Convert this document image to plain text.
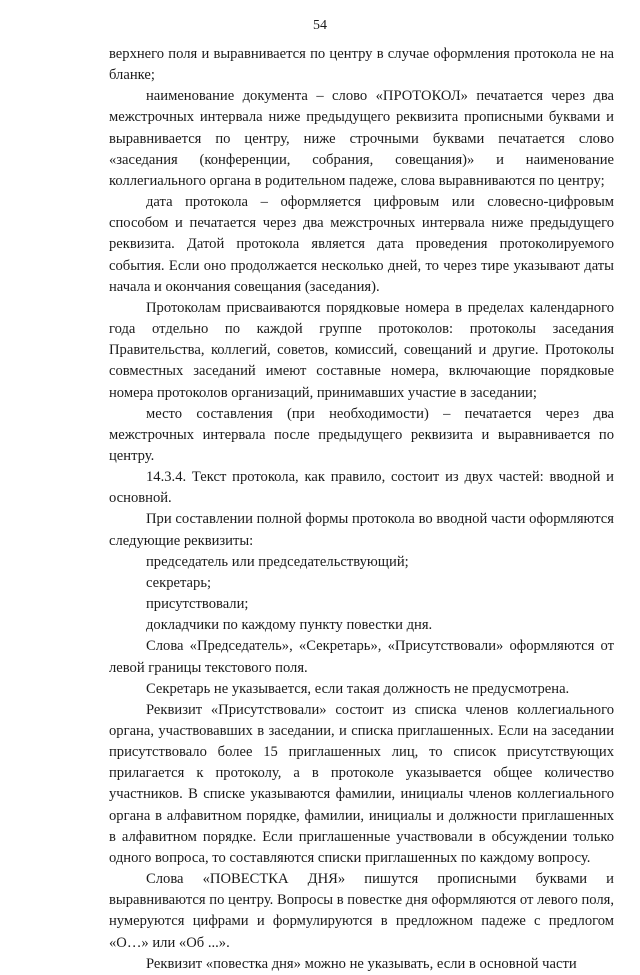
54

верхнего поля и выравнивается по центру в случае оформления протокола не на бланке;

наименование документа – слово «ПРОТОКОЛ» печатается через два межстрочных интервала ниже предыдущего реквизита прописными буквами и выравнивается по центру, ниже строчными буквами печатается слово «заседания (конференции, собрания, совещания)» и наименование коллегиального органа в родительном падеже, слова выравниваются по центру;

дата протокола – оформляется цифровым или словесно-цифровым способом и печатается через два межстрочных интервала ниже предыдущего реквизита. Датой протокола является дата проведения протоколируемого события. Если оно продолжается несколько дней, то через тире указывают даты начала и окончания совещания (заседания).

Протоколам присваиваются порядковые номера в пределах календарного года отдельно по каждой группе протоколов: протоколы заседания Правительства, коллегий, советов, комиссий, совещаний и другие. Протоколы совместных заседаний имеют составные номера, включающие порядковые номера протоколов организаций, принимавших участие в заседании;

место составления (при необходимости) – печатается через два межстрочных интервала после предыдущего реквизита и выравнивается по центру.

14.3.4. Текст протокола, как правило, состоит из двух частей: вводной и основной.

При составлении полной формы протокола во вводной части оформляются следующие реквизиты:

председатель или председательствующий;

секретарь;

присутствовали;

докладчики по каждому пункту повестки дня.

Слова «Председатель», «Секретарь», «Присутствовали» оформляются от левой границы текстового поля.

Секретарь не указывается, если такая должность не предусмотрена.

Реквизит «Присутствовали» состоит из списка членов коллегиального органа, участвовавших в заседании, и списка приглашенных. Если на заседании присутствовало более 15 приглашенных лиц, то список присутствующих прилагается к протоколу, а в протоколе указывается общее количество участников. В списке указываются фамилии, инициалы членов коллегиального органа в алфавитном порядке, фамилии, инициалы и должности приглашенных в алфавитном порядке. Если приглашенные участвовали в обсуждении только одного вопроса, то составляются списки приглашенных по каждому вопросу.

Слова «ПОВЕСТКА ДНЯ» пишутся прописными буквами и выравниваются по центру. Вопросы в повестке дня оформляются от левого поля, нумеруются цифрами и формулируются в предложном падеже с предлогом «О…» или «Об ...».

Реквизит «повестка дня» можно не указывать, если в основной части
